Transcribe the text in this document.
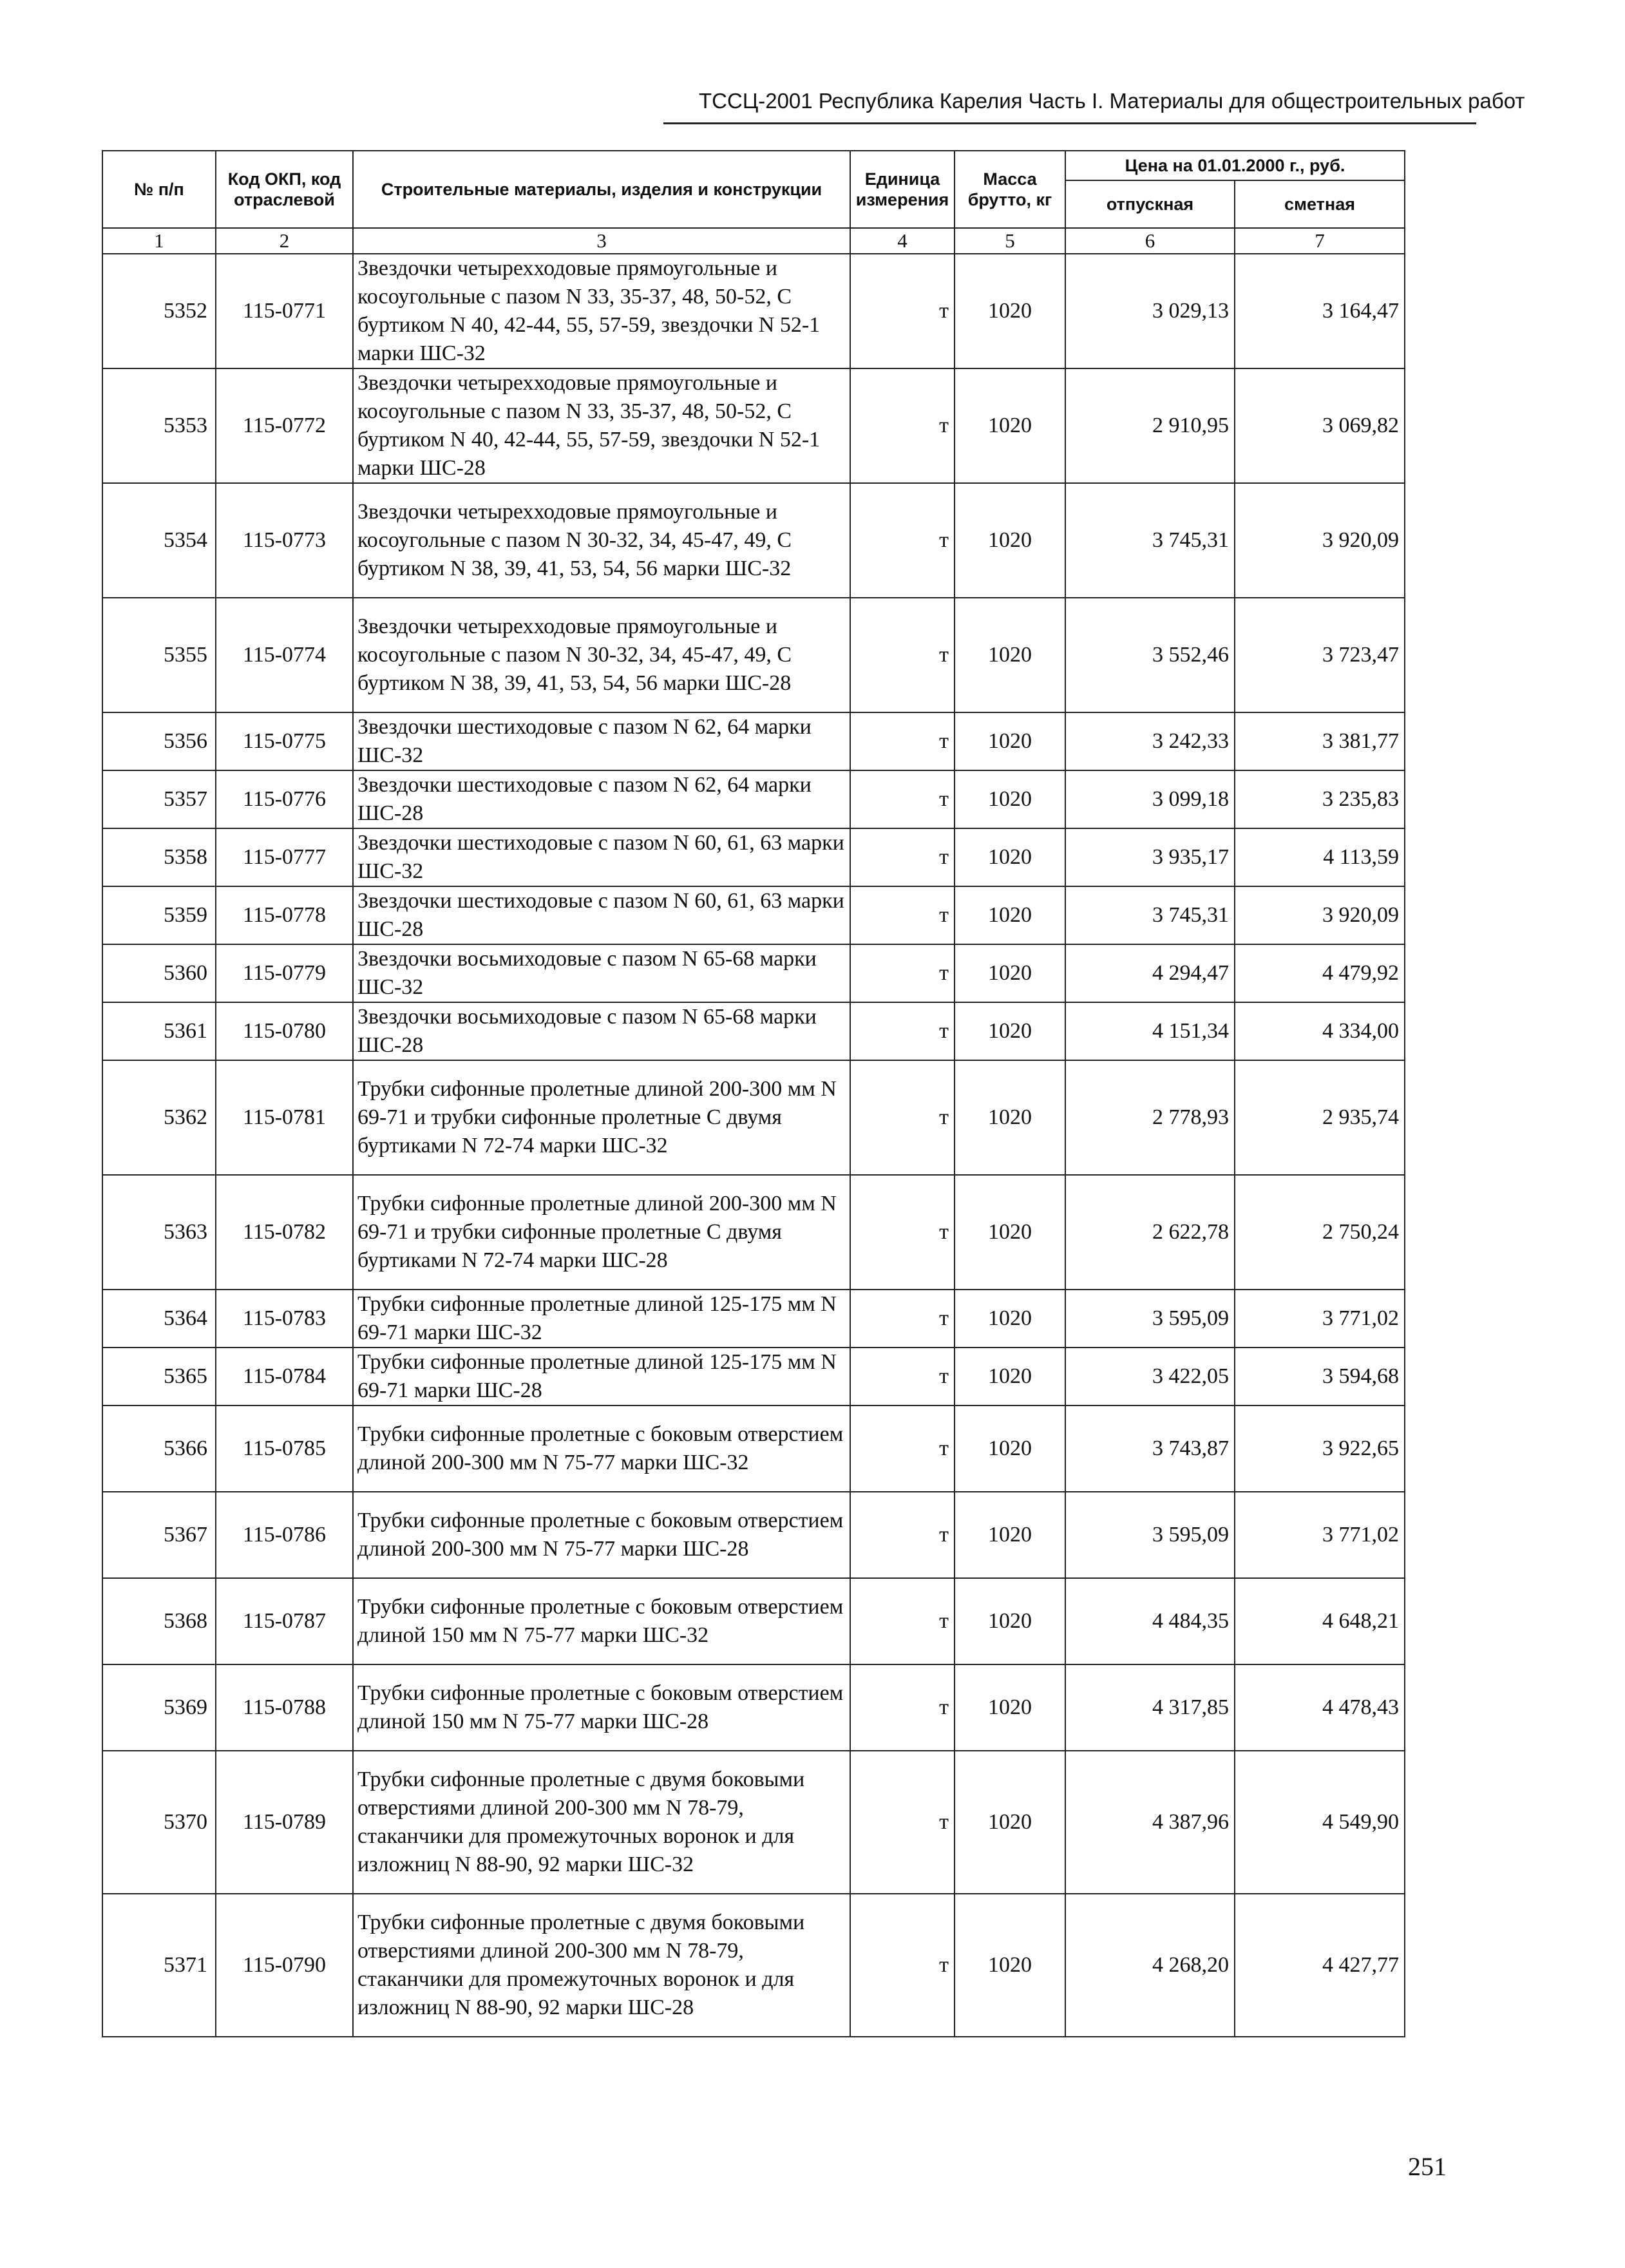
ТССЦ-2001 Республика Карелия Часть I. Материалы для общестроительных работ
№ п/п	Код ОКП, код отраслевой	Строительные материалы, изделия и конструкции	Единица измерения	Масса брутто, кг	Цена на 01.01.2000 г., руб.	
					отпускная	сметная
1	2	3	4	5	6	7
5352	115-0771	Звездочки четырехходовые прямоугольные и косоугольные с пазом N 33, 35-37, 48, 50-52, С буртиком N 40, 42-44, 55, 57-59, звездочки N 52-1 марки ШС-32	т	1020	3 029,13	3 164,47
5353	115-0772	Звездочки четырехходовые прямоугольные и косоугольные с пазом N 33, 35-37, 48, 50-52, С буртиком N 40, 42-44, 55, 57-59, звездочки N 52-1 марки ШС-28	т	1020	2 910,95	3 069,82
5354	115-0773	Звездочки четырехходовые прямоугольные и косоугольные с пазом N 30-32, 34, 45-47, 49, С буртиком N 38, 39, 41, 53, 54, 56 марки ШС-32	т	1020	3 745,31	3 920,09
5355	115-0774	Звездочки четырехходовые прямоугольные и косоугольные с пазом N 30-32, 34, 45-47, 49, С буртиком N 38, 39, 41, 53, 54, 56 марки ШС-28	т	1020	3 552,46	3 723,47
5356	115-0775	Звездочки шестиходовые с пазом N 62, 64 марки ШС-32	т	1020	3 242,33	3 381,77
5357	115-0776	Звездочки шестиходовые с пазом N 62, 64 марки ШС-28	т	1020	3 099,18	3 235,83
5358	115-0777	Звездочки шестиходовые с пазом N 60, 61, 63 марки ШС-32	т	1020	3 935,17	4 113,59
5359	115-0778	Звездочки шестиходовые с пазом N 60, 61, 63 марки ШС-28	т	1020	3 745,31	3 920,09
5360	115-0779	Звездочки восьмиходовые с пазом N 65-68 марки ШС-32	т	1020	4 294,47	4 479,92
5361	115-0780	Звездочки восьмиходовые с пазом N 65-68 марки ШС-28	т	1020	4 151,34	4 334,00
5362	115-0781	Трубки сифонные пролетные длиной 200-300 мм N 69-71 и трубки сифонные пролетные С двумя буртиками N 72-74 марки ШС-32	т	1020	2 778,93	2 935,74
5363	115-0782	Трубки сифонные пролетные длиной 200-300 мм N 69-71 и трубки сифонные пролетные С двумя буртиками N 72-74 марки ШС-28	т	1020	2 622,78	2 750,24
5364	115-0783	Трубки сифонные пролетные длиной 125-175 мм N 69-71 марки ШС-32	т	1020	3 595,09	3 771,02
5365	115-0784	Трубки сифонные пролетные длиной 125-175 мм N 69-71 марки ШС-28	т	1020	3 422,05	3 594,68
5366	115-0785	Трубки сифонные пролетные с боковым отверстием длиной 200-300 мм N 75-77 марки ШС-32	т	1020	3 743,87	3 922,65
5367	115-0786	Трубки сифонные пролетные с боковым отверстием длиной 200-300 мм N 75-77 марки ШС-28	т	1020	3 595,09	3 771,02
5368	115-0787	Трубки сифонные пролетные с боковым отверстием длиной 150 мм N 75-77 марки ШС-32	т	1020	4 484,35	4 648,21
5369	115-0788	Трубки сифонные пролетные с боковым отверстием длиной 150 мм N 75-77 марки ШС-28	т	1020	4 317,85	4 478,43
5370	115-0789	Трубки сифонные пролетные с двумя боковыми отверстиями длиной 200-300 мм N 78-79, стаканчики для промежуточных воронок и для изложниц N 88-90, 92 марки ШС-32	т	1020	4 387,96	4 549,90
5371	115-0790	Трубки сифонные пролетные с двумя боковыми отверстиями длиной 200-300 мм N 78-79, стаканчики для промежуточных воронок и для изложниц N 88-90, 92 марки ШС-28	т	1020	4 268,20	4 427,77
251
